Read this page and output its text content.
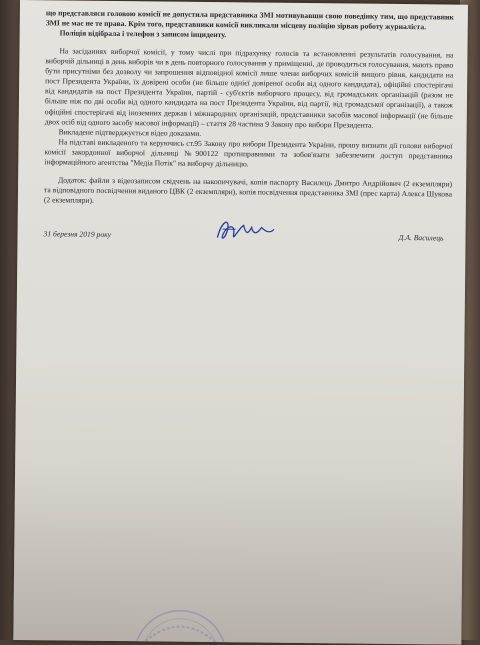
що представляси головою комісії не допустила представника ЗМІ мотивувавши свою поведінку тим, що представник ЗМІ не має не те права. Крім того, представники комісії викликали місцеву поліцію зірвав роботу журналіста.

Поліція відібрала і телефон з записом інциденту.

На засіданнях виборчої комісії, у тому числі при підрахунку голосів та встановленні результатів голосування, на виборчій дільниці в день виборів чи в день повторного голосування у приміщенні, де проводиться голосування, мають право бути присутніми без дозволу чи запрошення відповідної комісії лише члени виборчих комісій вищого рівня, кандидати на пост Президента України, їх довірені особи (не більше однієї довіреної особи від одного кандидата), офіційні спостерігачі від кандидатів на пост Президента України, партій - суб'єктів виборчого процесу, від громадських організацій (разом не більше ніж по дві особи від одного кандидата на пост Президента України, від партії, від громадської організації), а також офіційні спостерігачі від іноземних держав і міжнародних організацій, представники засобів масової інформації (не більше двох осіб від одного засобу масової інформації) – стаття 28 частина 9 Закону про вибори Президента.

Викладене підтверджується відео доказами.

На підставі викладеного та керуючись ст.95 Закону про вибори Президента України, прошу визнати дії голови виборчої комісії закордонної виборчої дільниці №900122 протиправними та зобов'язати забезпечити доступ представника інформаційного агентства "Медіа Потік" на виборчу дільницю.

Додаток: файли з відеозаписом свідчень на накопичувачі, копія паспорту Василець Дмитро Андрійович (2 екземпляри) та відповідного посвідчення виданого ЦВК (2 екземпляри), копія посвідчення представника ЗМІ (прес карта) Алекса Шукова (2 екземпляри).

31 березня 2019 року	Д.А. Василець
